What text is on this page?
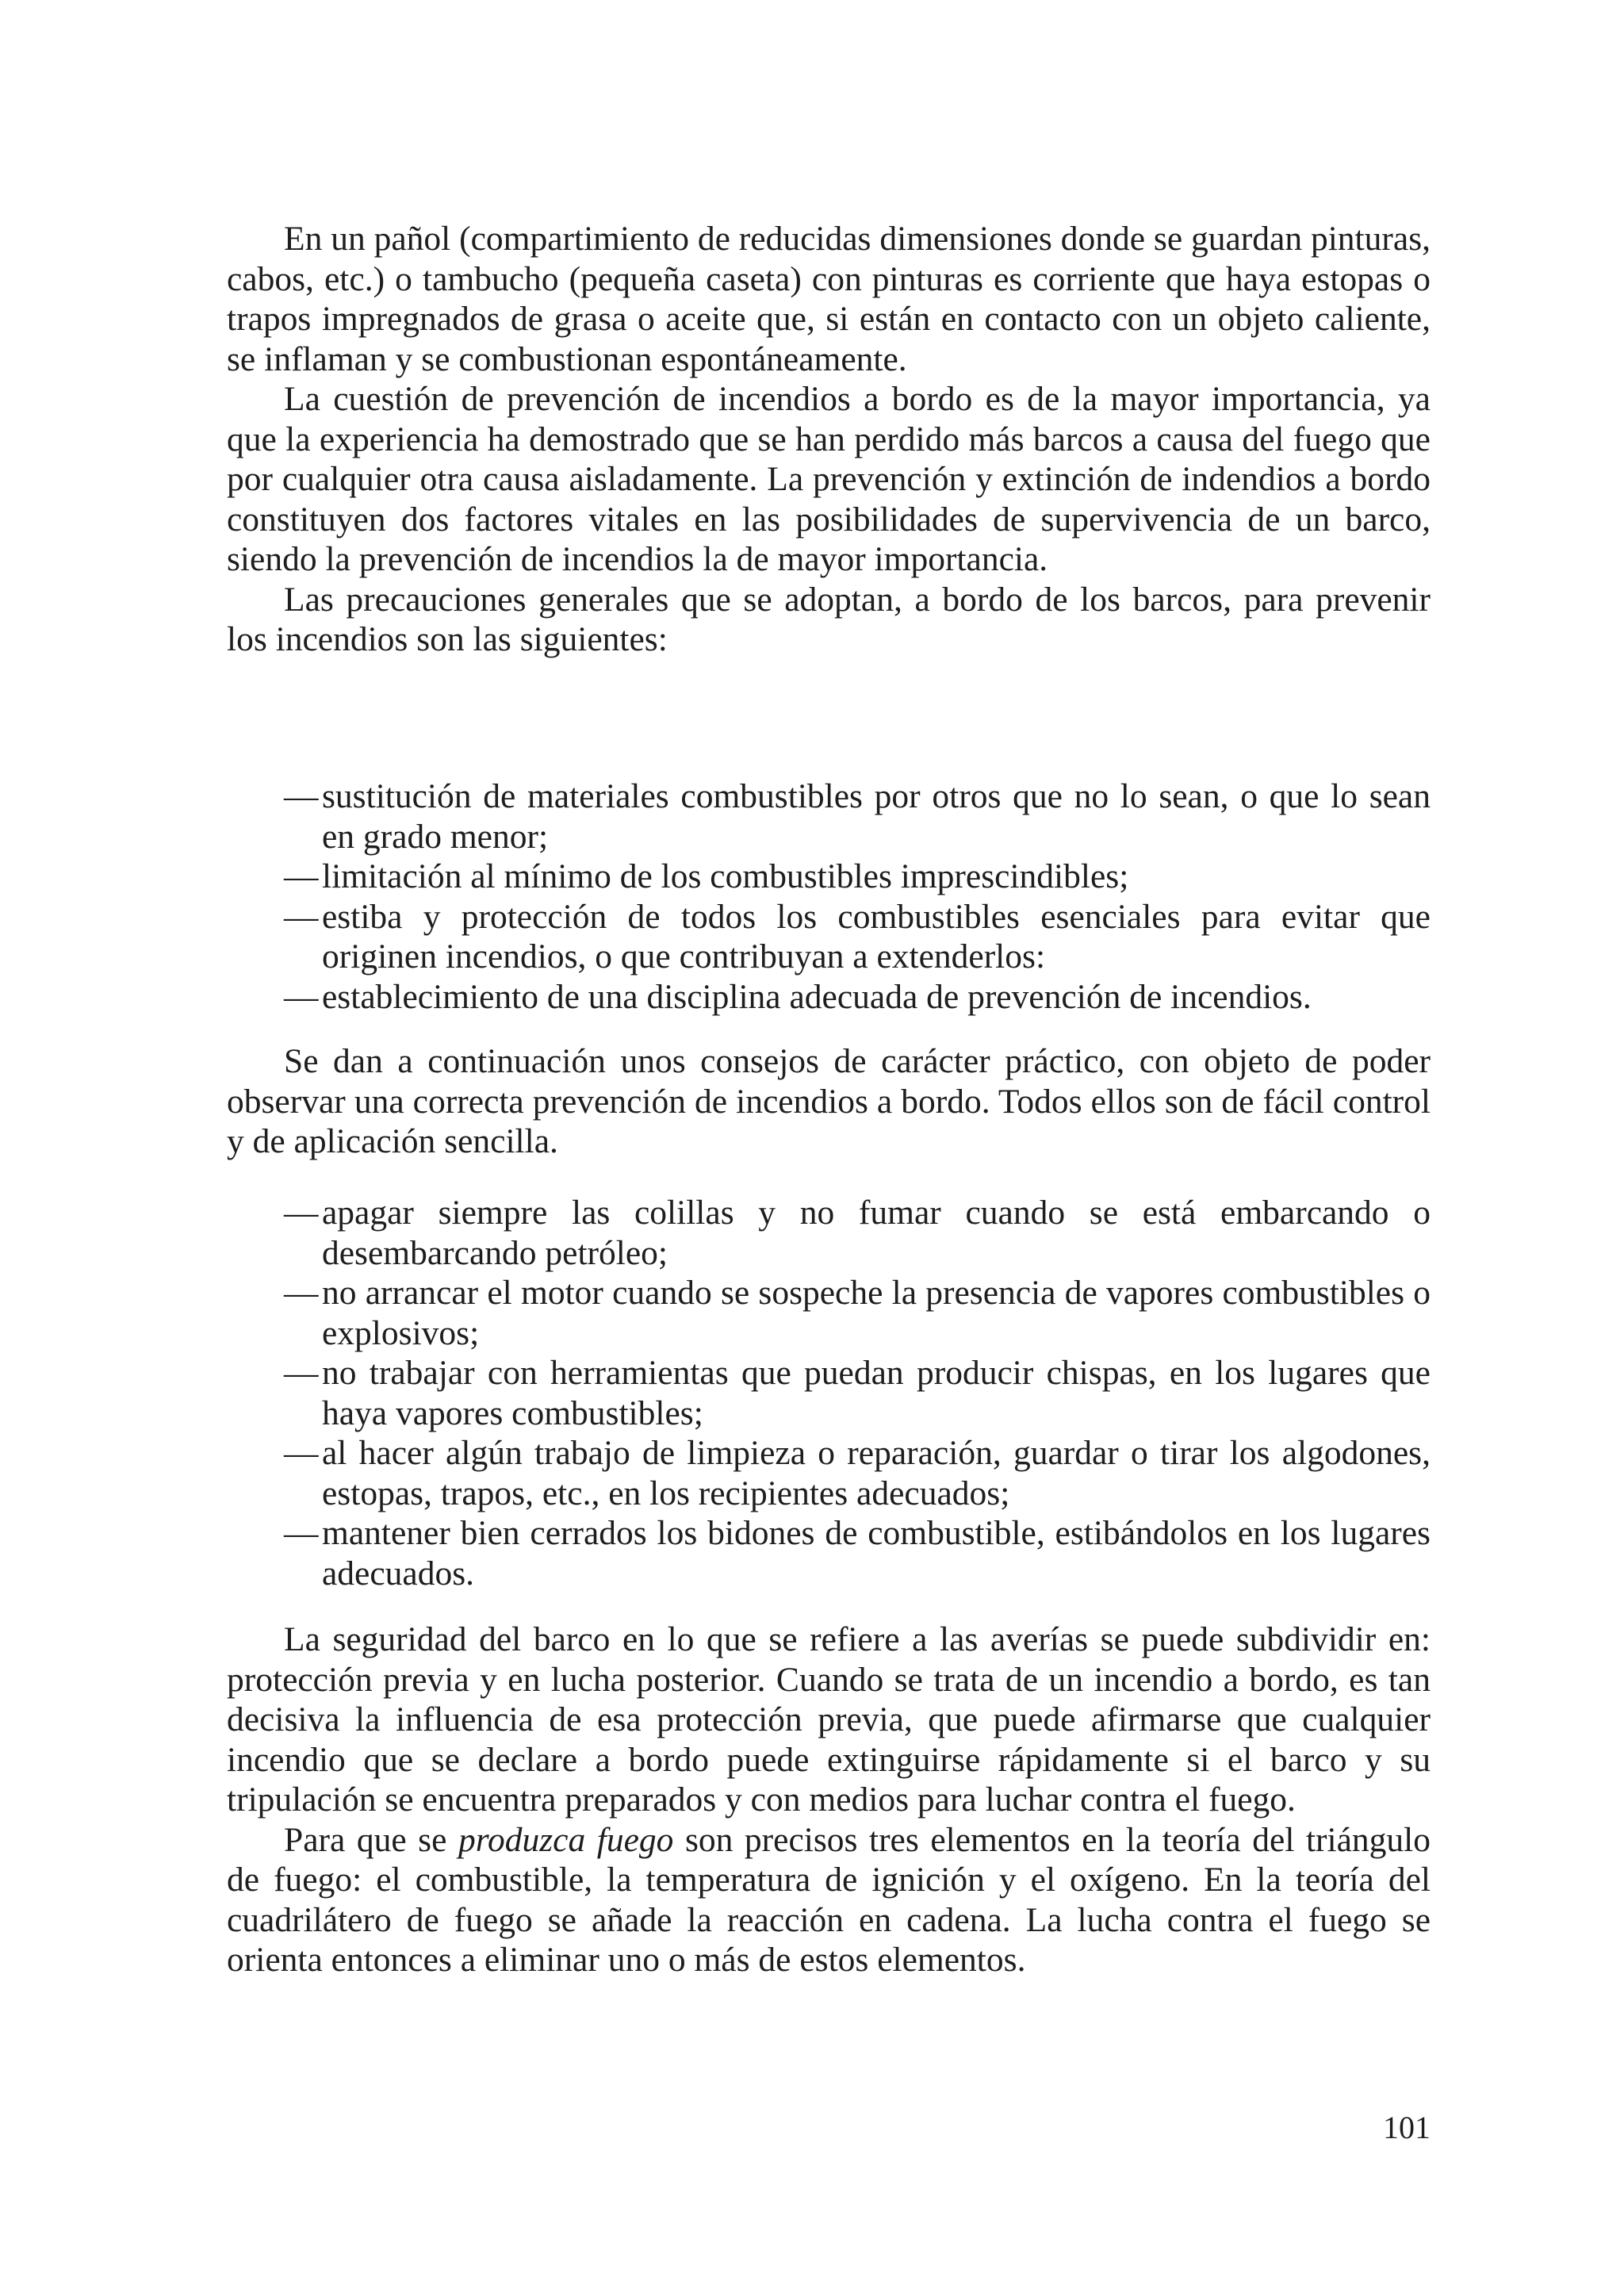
En un pañol (compartimiento de reducidas dimensiones donde se guardan pinturas, cabos, etc.) o tambucho (pequeña caseta) con pinturas es corriente que haya estopas o trapos impregnados de grasa o aceite que, si están en contacto con un objeto caliente, se inflaman y se combustionan espontáneamente.

La cuestión de prevención de incendios a bordo es de la mayor importancia, ya que la experiencia ha demostrado que se han perdido más barcos a causa del fuego que por cualquier otra causa aisladamente. La prevención y extinción de indendios a bordo constituyen dos factores vitales en las posibilidades de supervivencia de un barco, siendo la prevención de incendios la de mayor importancia.

Las precauciones generales que se adoptan, a bordo de los barcos, para prevenir los incendios son las siguientes:

— sustitución de materiales combustibles por otros que no lo sean, o que lo sean en grado menor;
— limitación al mínimo de los combustibles imprescindibles;
— estiba y protección de todos los combustibles esenciales para evitar que originen incendios, o que contribuyan a extenderlos:
— establecimiento de una disciplina adecuada de prevención de incendios.

Se dan a continuación unos consejos de carácter práctico, con objeto de poder observar una correcta prevención de incendios a bordo. Todos ellos son de fácil control y de aplicación sencilla.

— apagar siempre las colillas y no fumar cuando se está embarcando o desembarcando petróleo;
— no arrancar el motor cuando se sospeche la presencia de vapores combustibles o explosivos;
— no trabajar con herramientas que puedan producir chispas, en los lugares que haya vapores combustibles;
— al hacer algún trabajo de limpieza o reparación, guardar o tirar los algodones, estopas, trapos, etc., en los recipientes adecuados;
— mantener bien cerrados los bidones de combustible, estibándolos en los lugares adecuados.

La seguridad del barco en lo que se refiere a las averías se puede subdividir en: protección previa y en lucha posterior. Cuando se trata de un incendio a bordo, es tan decisiva la influencia de esa protección previa, que puede afirmarse que cualquier incendio que se declare a bordo puede extinguirse rápidamente si el barco y su tripulación se encuentra preparados y con medios para luchar contra el fuego.

Para que se produzca fuego son precisos tres elementos en la teoría del triángulo de fuego: el combustible, la temperatura de ignición y el oxígeno. En la teoría del cuadrilátero de fuego se añade la reacción en cadena. La lucha contra el fuego se orienta entonces a eliminar uno o más de estos elementos.

101
